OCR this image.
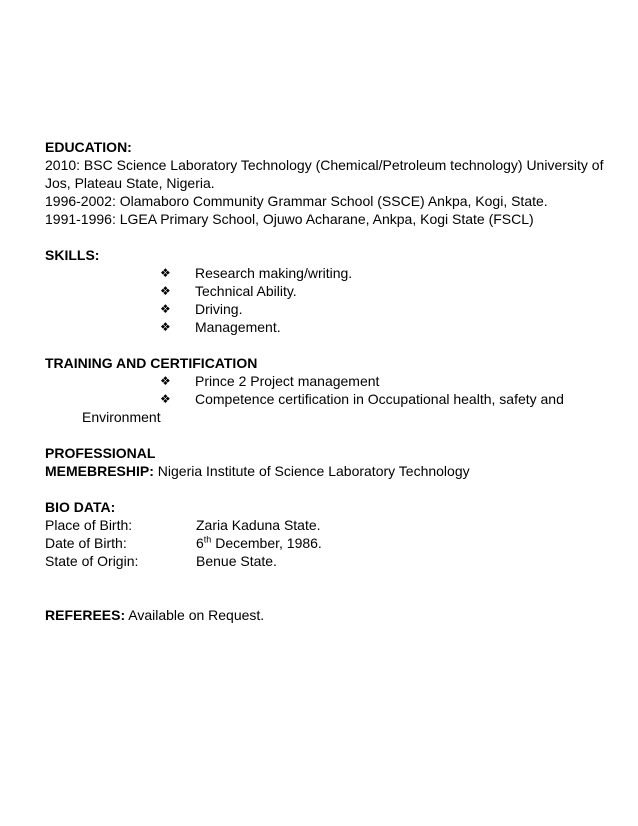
EDUCATION:
2010: BSC Science Laboratory Technology (Chemical/Petroleum technology) University of
Jos, Plateau State, Nigeria.
1996-2002: Olamaboro Community Grammar School (SSCE) Ankpa, Kogi, State.
1991-1996: LGEA Primary School, Ojuwo Acharane, Ankpa, Kogi State (FSCL)
SKILLS:
❖ Research making/writing.
❖ Technical Ability.
❖ Driving.
❖ Management.
TRAINING AND CERTIFICATION
❖ Prince 2 Project management
❖ Competence certification in Occupational health, safety and
Environment
PROFESSIONAL
MEMEBRESHIP: Nigeria Institute of Science Laboratory Technology
BIO DATA:
Place of Birth:	Zaria Kaduna State.
Date of Birth:	6th December, 1986.
State of Origin:	Benue State.
REFEREES: Available on Request.
